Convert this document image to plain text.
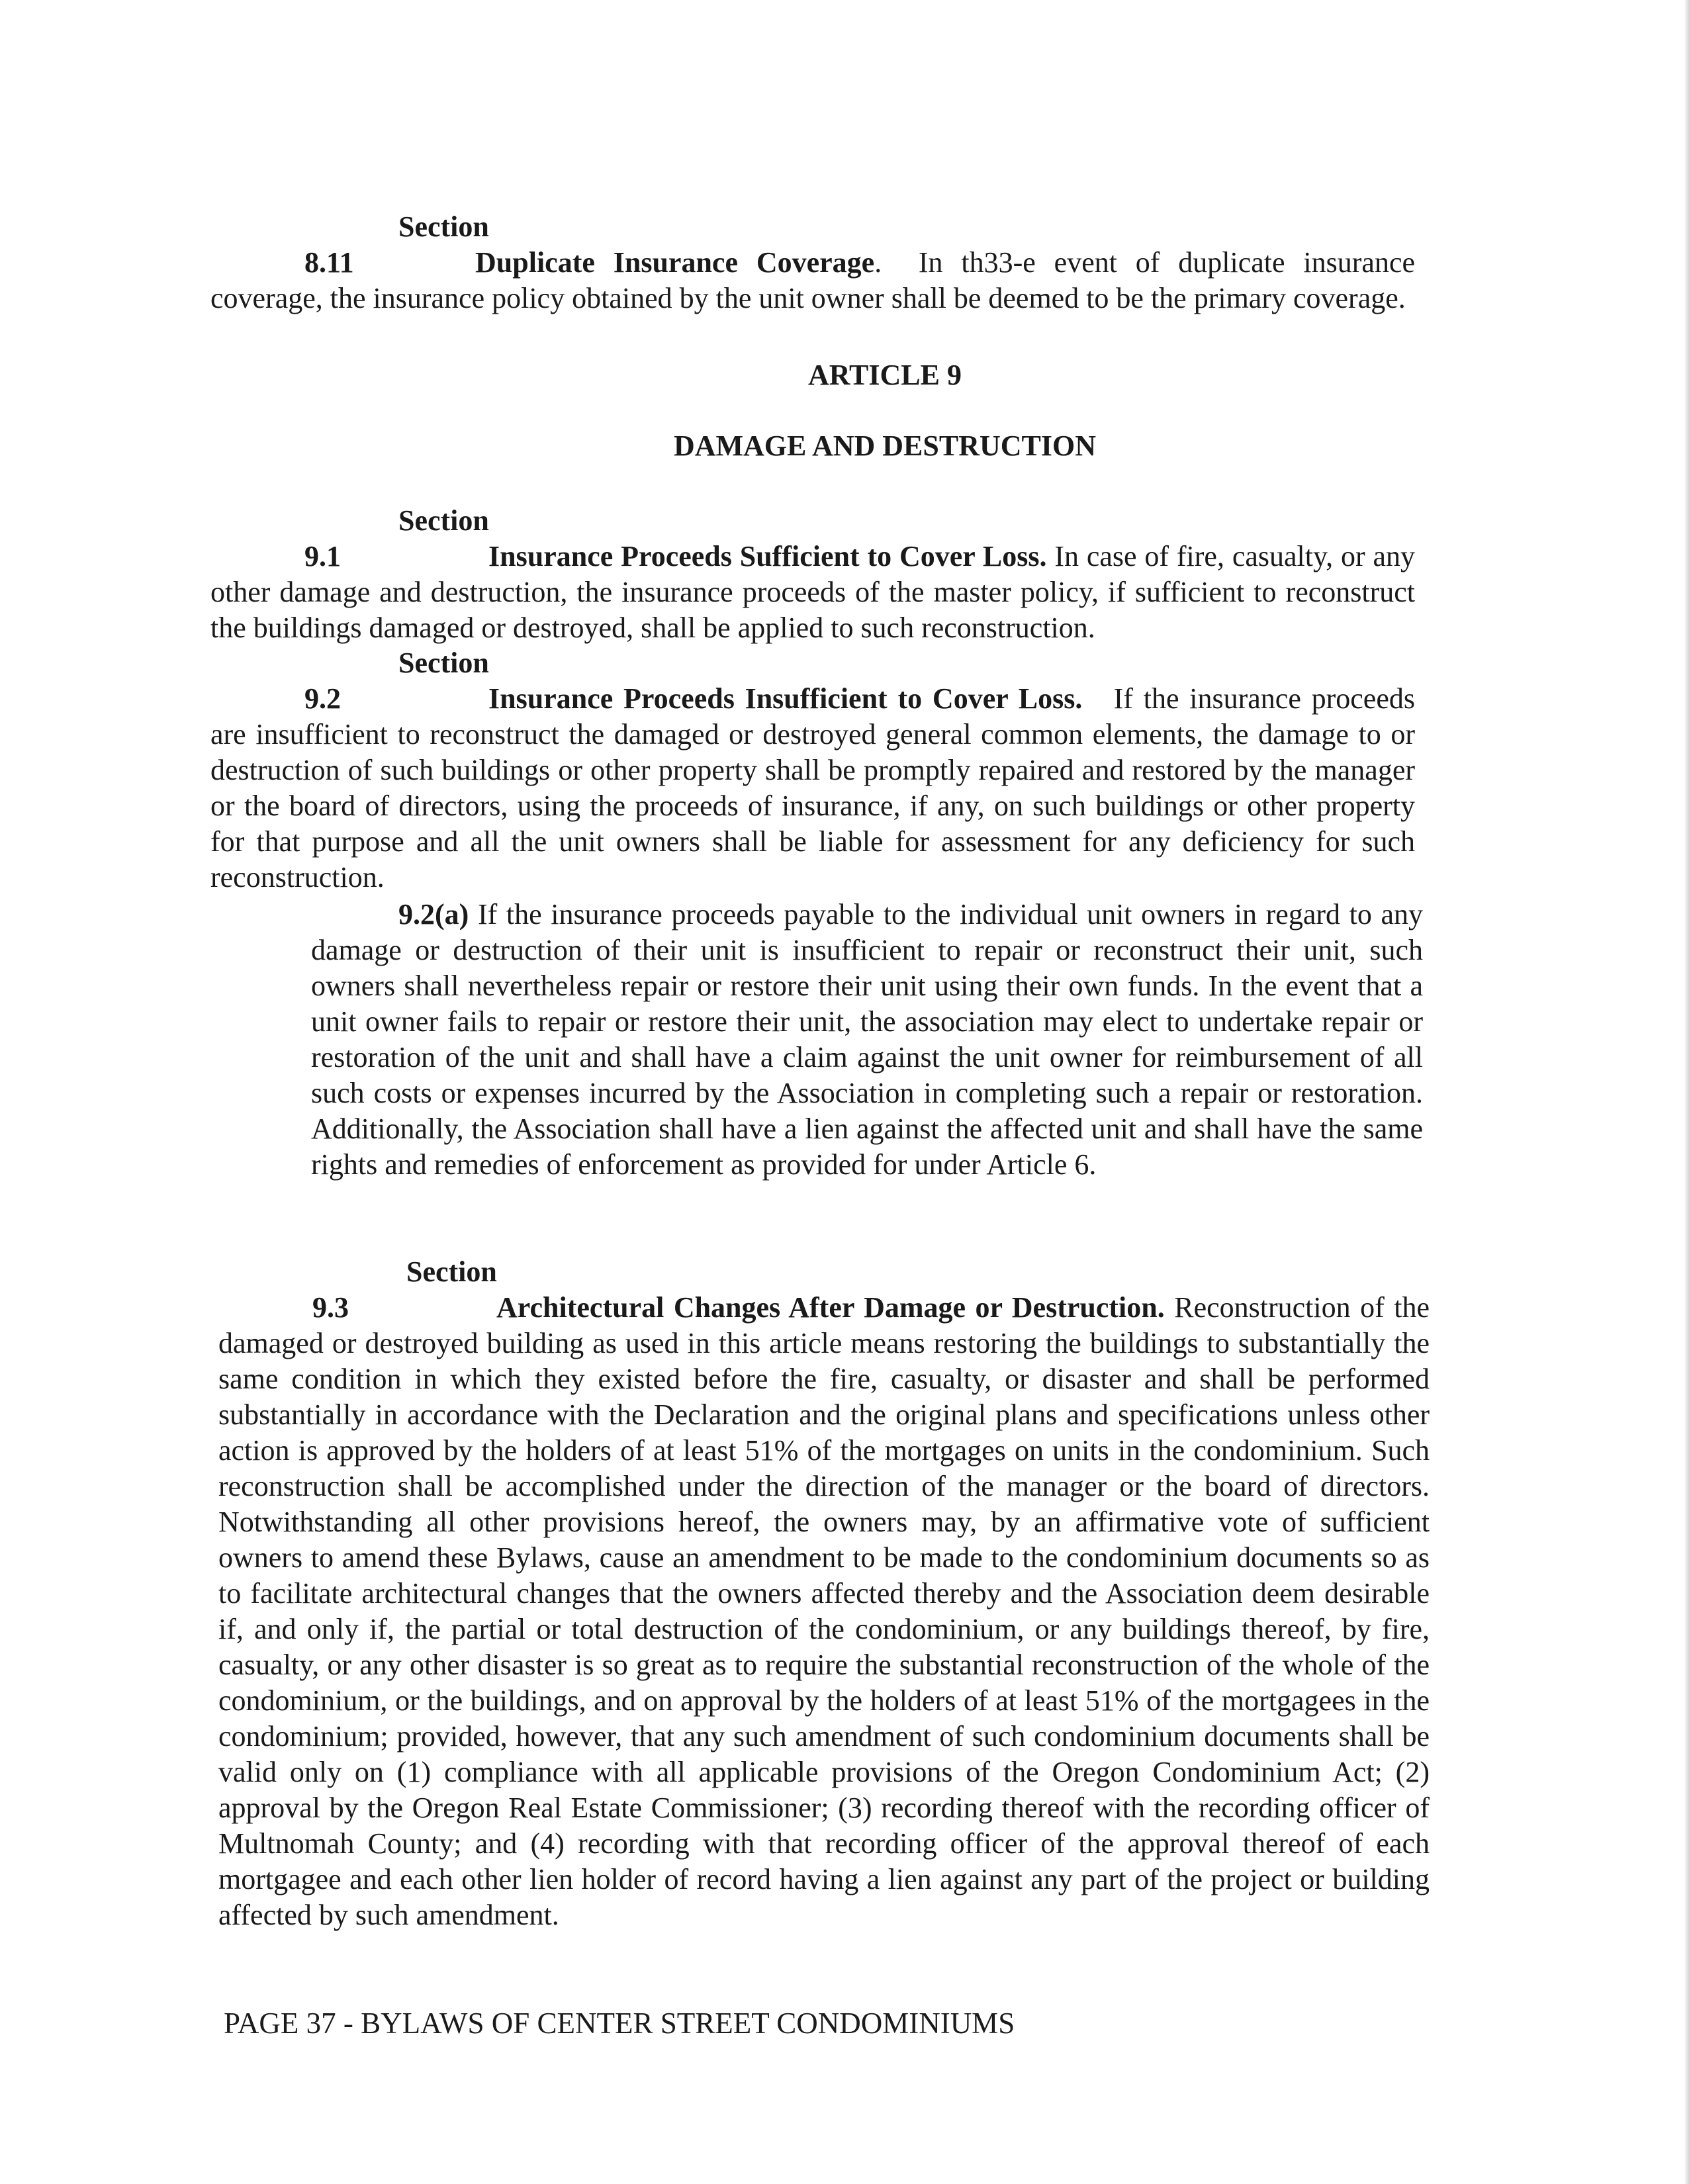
Section 8.11	Duplicate Insurance Coverage. In th33-e event of duplicate insurance coverage, the insurance policy obtained by the unit owner shall be deemed to be the primary coverage.

ARTICLE 9

DAMAGE AND DESTRUCTION

Section 9.1	Insurance Proceeds Sufficient to Cover Loss. In case of fire, casualty, or any other damage and destruction, the insurance proceeds of the master policy, if sufficient to reconstruct the buildings damaged or destroyed, shall be applied to such reconstruction.

Section 9.2	Insurance Proceeds Insufficient to Cover Loss. If the insurance proceeds are insufficient to reconstruct the damaged or destroyed general common elements, the damage to or destruction of such buildings or other property shall be promptly repaired and restored by the manager or the board of directors, using the proceeds of insurance, if any, on such buildings or other property for that purpose and all the unit owners shall be liable for assessment for any deficiency for such reconstruction.

9.2(a) If the insurance proceeds payable to the individual unit owners in regard to any damage or destruction of their unit is insufficient to repair or reconstruct their unit, such owners shall nevertheless repair or restore their unit using their own funds. In the event that a unit owner fails to repair or restore their unit, the association may elect to undertake repair or restoration of the unit and shall have a claim against the unit owner for reimbursement of all such costs or expenses incurred by the Association in completing such a repair or restoration. Additionally, the Association shall have a lien against the affected unit and shall have the same rights and remedies of enforcement as provided for under Article 6.

Section 9.3	Architectural Changes After Damage or Destruction. Reconstruction of the damaged or destroyed building as used in this article means restoring the buildings to substantially the same condition in which they existed before the fire, casualty, or disaster and shall be performed substantially in accordance with the Declaration and the original plans and specifications unless other action is approved by the holders of at least 51% of the mortgages on units in the condominium. Such reconstruction shall be accomplished under the direction of the manager or the board of directors. Notwithstanding all other provisions hereof, the owners may, by an affirmative vote of sufficient owners to amend these Bylaws, cause an amendment to be made to the condominium documents so as to facilitate architectural changes that the owners affected thereby and the Association deem desirable if, and only if, the partial or total destruction of the condominium, or any buildings thereof, by fire, casualty, or any other disaster is so great as to require the substantial reconstruction of the whole of the condominium, or the buildings, and on approval by the holders of at least 51% of the mortgagees in the condominium; provided, however, that any such amendment of such condominium documents shall be valid only on (1) compliance with all applicable provisions of the Oregon Condominium Act; (2) approval by the Oregon Real Estate Commissioner; (3) recording thereof with the recording officer of Multnomah County; and (4) recording with that recording officer of the approval thereof of each mortgagee and each other lien holder of record having a lien against any part of the project or building affected by such amendment.

PAGE 37 - BYLAWS OF CENTER STREET CONDOMINIUMS
